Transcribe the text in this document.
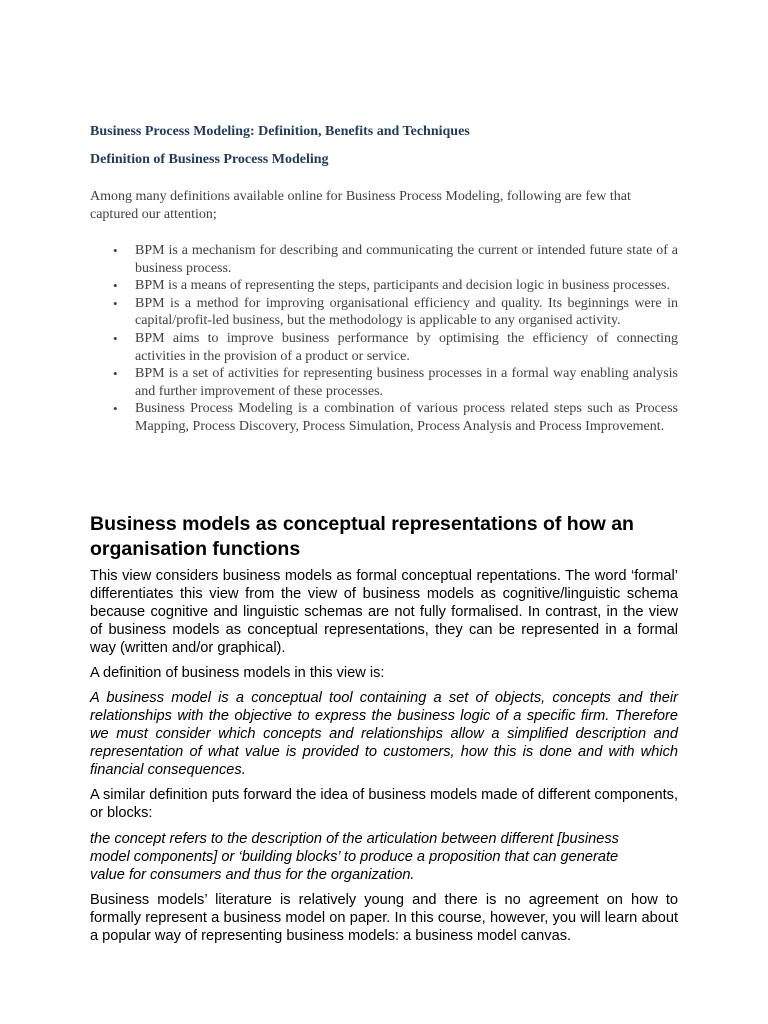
Business Process Modeling: Definition, Benefits and Techniques
Definition of Business Process Modeling

Among many definitions available online for Business Process Modeling, following are few that captured our attention;

• BPM is a mechanism for describing and communicating the current or intended future state of a business process.
• BPM is a means of representing the steps, participants and decision logic in business processes.
• BPM is a method for improving organisational efficiency and quality. Its beginnings were in capital/profit-led business, but the methodology is applicable to any organised activity.
• BPM aims to improve business performance by optimising the efficiency of connecting activities in the provision of a product or service.
• BPM is a set of activities for representing business processes in a formal way enabling analysis and further improvement of these processes.
• Business Process Modeling is a combination of various process related steps such as Process Mapping, Process Discovery, Process Simulation, Process Analysis and Process Improvement.
Business models as conceptual representations of how an organisation functions

This view considers business models as formal conceptual repentations. The word ‘formal’ differentiates this view from the view of business models as cognitive/linguistic schema because cognitive and linguistic schemas are not fully formalised. In contrast, in the view of business models as conceptual representations, they can be represented in a formal way (written and/or graphical).

A definition of business models in this view is:

A business model is a conceptual tool containing a set of objects, concepts and their relationships with the objective to express the business logic of a specific firm. Therefore we must consider which concepts and relationships allow a simplified description and representation of what value is provided to customers, how this is done and with which financial consequences.

A similar definition puts forward the idea of business models made of different components, or blocks:

the concept refers to the description of the articulation between different [business model components] or ‘building blocks’ to produce a proposition that can generate value for consumers and thus for the organization.

Business models’ literature is relatively young and there is no agreement on how to formally represent a business model on paper. In this course, however, you will learn about a popular way of representing business models: a business model canvas.
